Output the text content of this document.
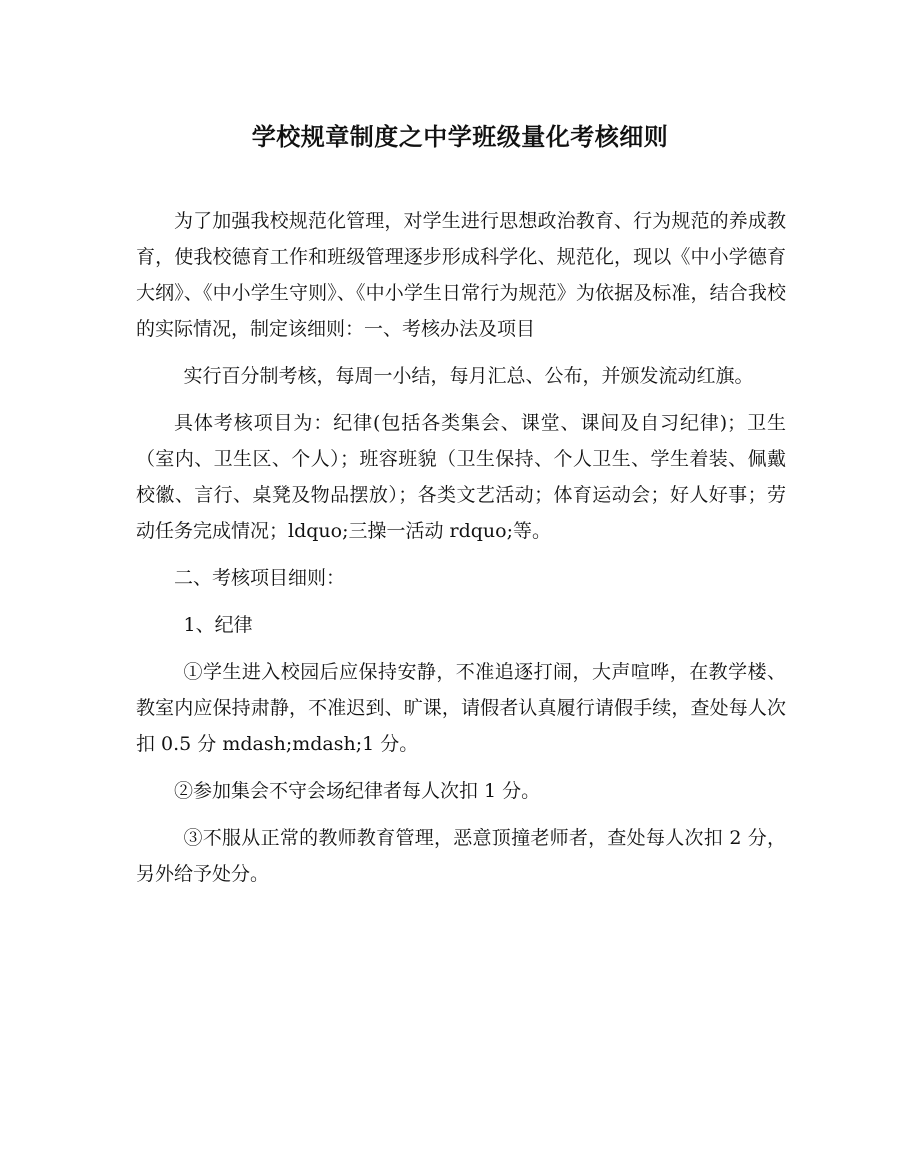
学校规章制度之中学班级量化考核细则

为了加强我校规范化管理，对学生进行思想政治教育、行为规范的养成教育，使我校德育工作和班级管理逐步形成科学化、规范化，现以《中小学德育大纲》、《中小学生守则》、《中小学生日常行为规范》为依据及标准，结合我校的实际情况，制定该细则：一、考核办法及项目

实行百分制考核，每周一小结，每月汇总、公布，并颁发流动红旗。

具体考核项目为：纪律(包括各类集会、课堂、课间及自习纪律)；卫生（室内、卫生区、个人）；班容班貌（卫生保持、个人卫生、学生着装、佩戴校徽、言行、桌凳及物品摆放）；各类文艺活动；体育运动会；好人好事；劳动任务完成情况；ldquo;三操一活动 rdquo;等。

二、考核项目细则：

1、纪律

①学生进入校园后应保持安静，不准追逐打闹，大声喧哗，在教学楼、教室内应保持肃静，不准迟到、旷课，请假者认真履行请假手续，查处每人次扣 0.5 分 mdash;mdash;1 分。

②参加集会不守会场纪律者每人次扣 1 分。

③不服从正常的教师教育管理，恶意顶撞老师者，查处每人次扣 2 分，另外给予处分。
